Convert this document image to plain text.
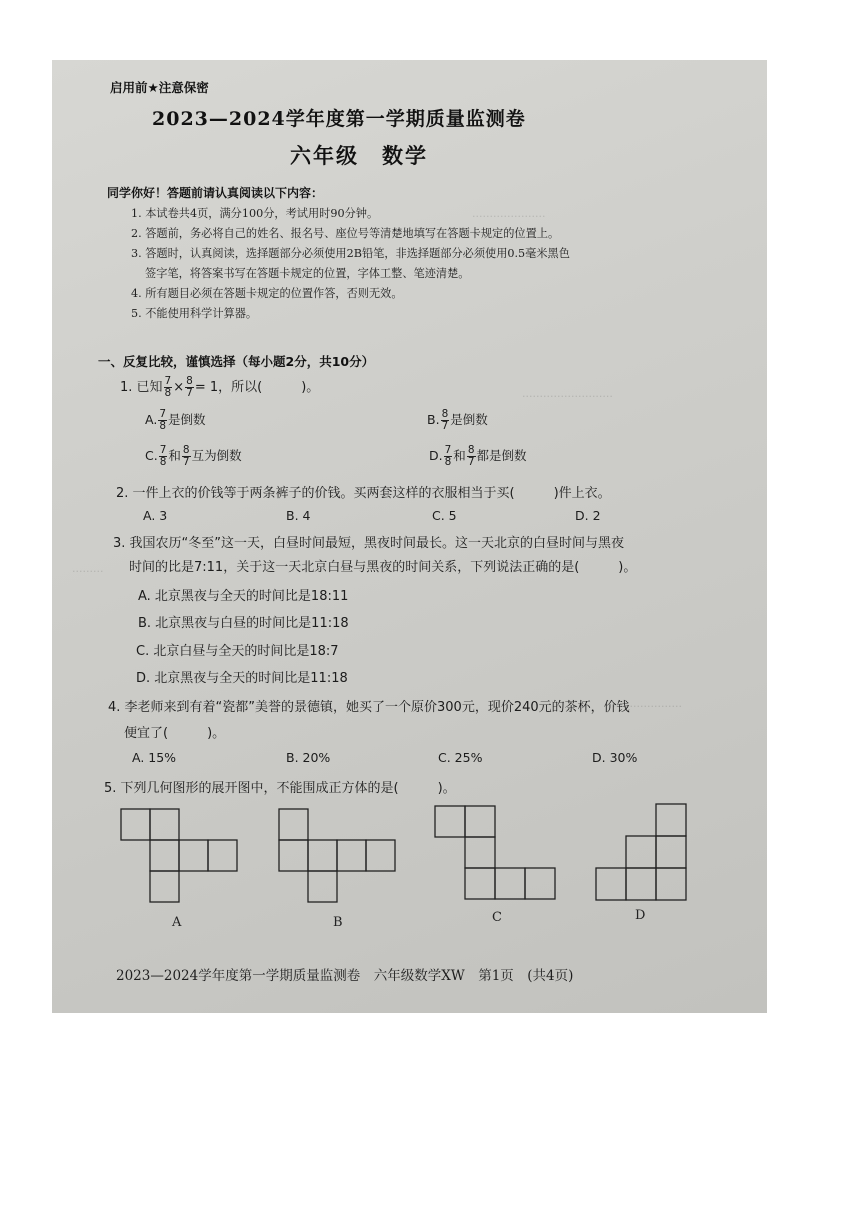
·····················
··························
·········
····················
启用前★注意保密
2023—2024学年度第一学期质量监测卷
六年级　数学
同学你好！答题前请认真阅读以下内容：
1. 本试卷共4页，满分100分，考试用时90分钟。
2. 答题前，务必将自己的姓名、报名号、座位号等清楚地填写在答题卡规定的位置上。
3. 答题时，认真阅读，选择题部分必须使用2B铅笔，非选择题部分必须使用0.5毫米黑色
签字笔，将答案书写在答题卡规定的位置，字体工整、笔迹清楚。
4. 所有题目必须在答题卡规定的位置作答，否则无效。
5. 不能使用科学计算器。
一、反复比较，谨慎选择（每小题2分，共10分）
1. 已知 $\frac{7}{8} \times \frac{8}{7} = 1$，所以(　　　)。
A. $\frac{7}{8}$ 是倒数	B. $\frac{8}{7}$ 是倒数
C. $\frac{7}{8}$ 和 $\frac{8}{7}$ 互为倒数	D. $\frac{7}{8}$ 和 $\frac{8}{7}$ 都是倒数
2. 一件上衣的价钱等于两条裤子的价钱。买两套这样的衣服相当于买(　　　)件上衣。
A. 3	B. 4	C. 5	D. 2
3. 我国农历“冬至”这一天，白昼时间最短，黑夜时间最长。这一天北京的白昼时间与黑夜
时间的比是7:11，关于这一天北京白昼与黑夜的时间关系，下列说法正确的是(　　　)。
A. 北京黑夜与全天的时间比是18:11
B. 北京黑夜与白昼的时间比是11:18
C. 北京白昼与全天的时间比是18:7
D. 北京黑夜与全天的时间比是11:18
4. 李老师来到有着“瓷都”美誉的景德镇，她买了一个原价300元，现价240元的茶杯，价钱
便宜了(　　　)。
A. 15%	B. 20%	C. 25%	D. 30%
5. 下列几何图形的展开图中，不能围成正方体的是(　　　)。
A	B	C	D
2023—2024学年度第一学期质量监测卷　六年级数学XW　第1页　(共4页)
